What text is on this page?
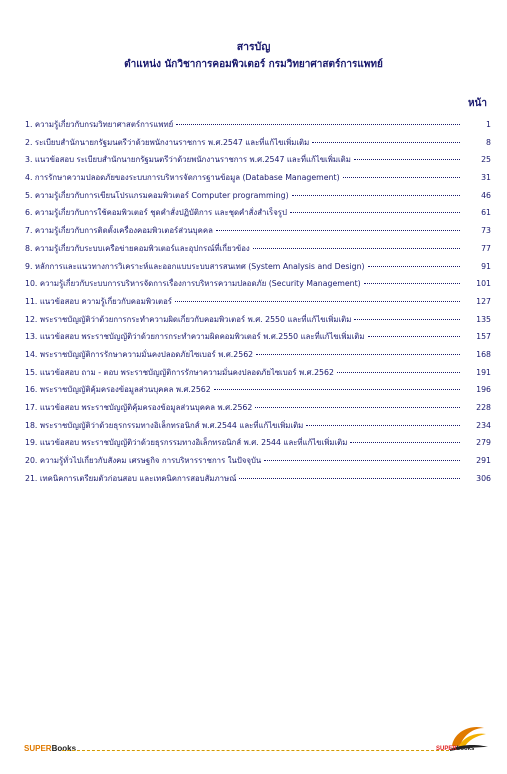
สารบัญ
ตำแหน่ง นักวิชาการคอมพิวเตอร์ กรมวิทยาศาสตร์การแพทย์
หน้า
1. ความรู้เกี่ยวกับกรมวิทยาศาสตร์การแพทย์	1
2. ระเบียบสำนักนายกรัฐมนตรีว่าด้วยพนักงานราชการ พ.ศ.2547 และที่แก้ไขเพิ่มเติม	8
3. แนวข้อสอบ ระเบียบสำนักนายกรัฐมนตรีว่าด้วยพนักงานราชการ พ.ศ.2547 และที่แก้ไขเพิ่มเติม	25
4. การรักษาความปลอดภัยของระบบการบริหารจัดการฐานข้อมูล (Database Management)	31
5. ความรู้เกี่ยวกับการเขียนโปรแกรมคอมพิวเตอร์ Computer programming)	46
6. ความรู้เกี่ยวกับการใช้คอมพิวเตอร์ ชุดคำสั่งปฏิบัติการ และชุดคำสั่งสำเร็จรูป	61
7. ความรู้เกี่ยวกับการติดตั้งเครื่องคอมพิวเตอร์ส่วนบุคคล	73
8. ความรู้เกี่ยวกับระบบเครือข่ายคอมพิวเตอร์และอุปกรณ์ที่เกี่ยวข้อง	77
9. หลักการและแนวทางการวิเคราะห์และออกแบบระบบสารสนเทศ (System Analysis and Design)	91
10. ความรู้เกี่ยวกับระบบการบริหารจัดการเรื่องการบริหารความปลอดภัย (Security Management)	101
11. แนวข้อสอบ ความรู้เกี่ยวกับคอมพิวเตอร์	127
12. พระราชบัญญัติว่าด้วยการกระทำความผิดเกี่ยวกับคอมพิวเตอร์ พ.ศ. 2550 และที่แก้ไขเพิ่มเติม	135
13. แนวข้อสอบ พระราชบัญญัติว่าด้วยการกระทำความผิดคอมพิวเตอร์ พ.ศ.2550 และที่แก้ไขเพิ่มเติม	157
14. พระราชบัญญัติการรักษาความมั่นคงปลอดภัยไซเบอร์ พ.ศ.2562	168
15. แนวข้อสอบ ถาม - ตอบ พระราชบัญญัติการรักษาความมั่นคงปลอดภัยไซเบอร์ พ.ศ.2562	191
16. พระราชบัญญัติคุ้มครองข้อมูลส่วนบุคคล พ.ศ.2562	196
17. แนวข้อสอบ พระราชบัญญัติคุ้มครองข้อมูลส่วนบุคคล พ.ศ.2562	228
18. พระราชบัญญัติว่าด้วยธุรกรรมทางอิเล็กทรอนิกส์ พ.ศ.2544 และที่แก้ไขเพิ่มเติม	234
19. แนวข้อสอบ พระราชบัญญัติว่าด้วยธุรกรรมทางอิเล็กทรอนิกส์ พ.ศ. 2544 และที่แก้ไขเพิ่มเติม	279
20. ความรู้ทั่วไปเกี่ยวกับสังคม เศรษฐกิจ การบริหารราชการ ในปัจจุบัน	291
21. เทคนิคการเตรียมตัวก่อนสอบ และเทคนิคการสอบสัมภาษณ์	306
SUPERBooks	SUPERbooks
